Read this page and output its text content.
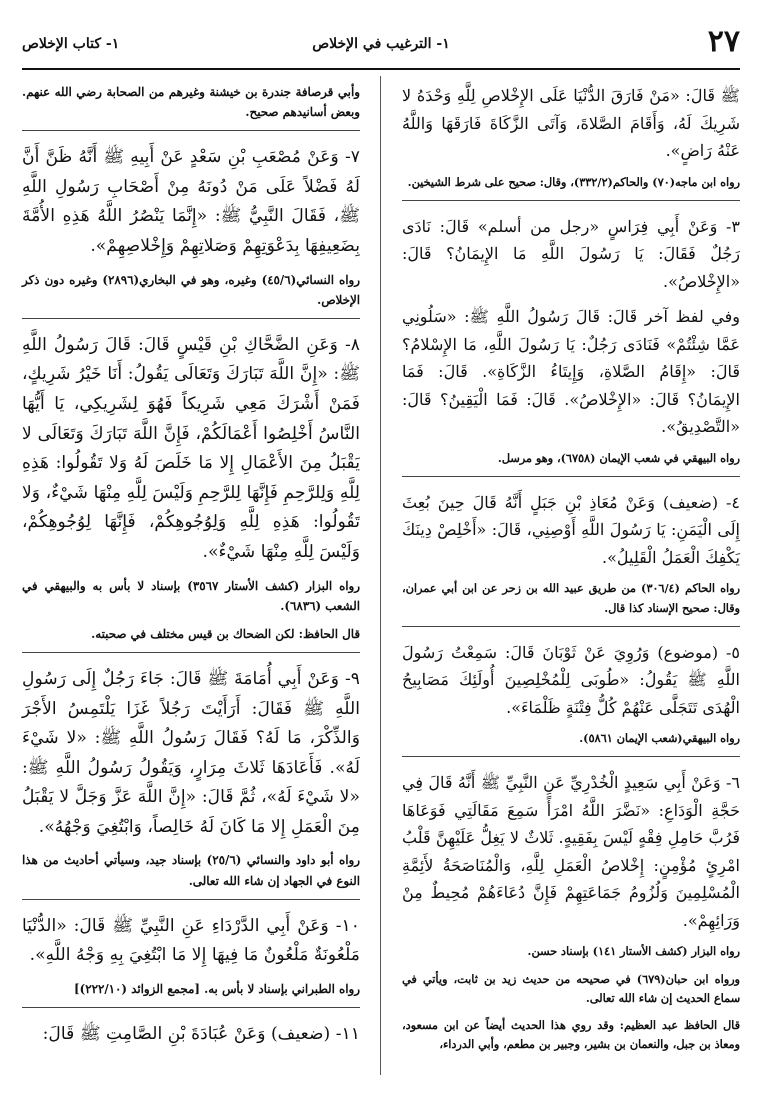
٢٧
١- الترغيب في الإخلاص
١- كتاب الإخلاص

ﷺ قَالَ: «مَنْ فَارَقَ الدُّنْيَا عَلَى الإِخْلاصِ لِلَّهِ وَحْدَهُ لا شَرِيكَ لَهُ، وَأَقَامَ الصَّلاةَ، وَآتَى الزَّكَاةَ فَارَقَهَا وَاللَّهُ عَنْهُ رَاضٍ».

رواه ابن ماجه(٧٠) والحاكم(٣٣٢/٢)، وقال: صحيح على شرط الشيخين.

٣- وَعَنْ أَبِي فِرَاسٍ «رجل من أسلم» قَالَ: نَادَى رَجُلٌ فَقَالَ: يَا رَسُولَ اللَّهِ مَا الإِيمَانُ؟ قَالَ: «الإِخْلاصُ».

وفي لفظ آخر قَالَ: قَالَ رَسُولُ اللَّهِ ﷺ: «سَلُونِي عَمَّا شِئْتُمْ» فَنَادَى رَجُلٌ: يَا رَسُولَ اللَّهِ، مَا الإِسْلامُ؟ قَالَ: «إِقَامُ الصَّلاةِ، وَإِيتَاءُ الزَّكَاةِ». قَالَ: فَمَا الإِيمَانُ؟ قَالَ: «الإِخْلاصُ». قَالَ: فَمَا الْيَقِينُ؟ قَالَ: «التَّصْدِيقُ».

رواه البيهقي في شعب الإيمان (٦٧٥٨)، وهو مرسل.

٤- (ضعيف) وَعَنْ مُعَاذِ بْنِ جَبَلٍ أَنَّهُ قَالَ حِينَ بُعِثَ إِلَى الْيَمَنِ: يَا رَسُولَ اللَّهِ أَوْصِنِي، قَالَ: «أَخْلِصْ دِينَكَ يَكْفِكَ الْعَمَلُ الْقَلِيلُ».

رواه الحاكم (٣٠٦/٤) من طريق عبيد الله بن زحر عن ابن أبي عمران، وقال: صحيح الإسناد كذا قال.

٥- (موضوع) وَرُوِيَ عَنْ ثَوْبَانَ قَالَ: سَمِعْتُ رَسُولَ اللَّهِ ﷺ يَقُولُ: «طُوبَى لِلْمُخْلِصِينَ أُولَئِكَ مَصَابِيحُ الْهُدَى تَتَجَلَّى عَنْهُمْ كُلُّ فِتْنَةٍ ظَلْمَاءَ».

رواه البيهقي(شعب الإيمان ٥٨٦١).

٦- وَعَنْ أَبِي سَعِيدٍ الْخُدْرِيِّ عَنِ النَّبِيِّ ﷺ أَنَّهُ قَالَ فِي حَجَّةِ الْوَدَاعِ: «نَضَّرَ اللَّهُ امْرَأً سَمِعَ مَقَالَتِي فَوَعَاهَا فَرُبَّ حَامِلِ فِقْهٍ لَيْسَ بِفَقِيهٍ. ثَلاثٌ لا يَغِلُّ عَلَيْهِنَّ قَلْبُ امْرِئٍ مُؤْمِنٍ: إِخْلاصُ الْعَمَلِ لِلَّهِ، وَالْمُنَاصَحَةُ لأَئِمَّةِ الْمُسْلِمِينَ وَلُزُومُ جَمَاعَتِهِمْ فَإِنَّ دُعَاءَهُمْ مُحِيطٌ مِنْ وَرَائِهِمْ».

رواه البزار (كشف الأستار ١٤١) بإسناد حسن.

ورواه ابن حبان(٦٧٩) في صحيحه من حديث زيد بن ثابت، ويأتي في سماع الحديث إن شاء الله تعالى.

قال الحافظ عبد العظيم: وقد روي هذا الحديث أيضاً عن ابن مسعود، ومعاذ بن جبل، والنعمان بن بشير، وجبير بن مطعم، وأبي الدرداء،

وأبي قرصافة جندرة بن خيشنة وغيرهم من الصحابة رضي الله عنهم. وبعض أسانيدهم صحيح.

٧- وَعَنْ مُصْعَبِ بْنِ سَعْدٍ عَنْ أَبِيهِ ﷺ أَنَّهُ ظَنَّ أَنَّ لَهُ فَضْلاً عَلَى مَنْ دُونَهُ مِنْ أَصْحَابِ رَسُولِ اللَّهِ ﷺ، فَقَالَ النَّبِيُّ ﷺ: «إِنَّمَا يَنْصُرُ اللَّهُ هَذِهِ الأُمَّةَ بِضَعِيفِهَا بِدَعْوَتِهِمْ وَصَلاتِهِمْ وَإِخْلاصِهِمْ».

رواه النسائي(٤٥/٦) وغيره، وهو في البخاري(٢٨٩٦) وغيره دون ذكر الإخلاص.

٨- وَعَنِ الضَّحَّاكِ بْنِ قَيْسٍ قَالَ: قَالَ رَسُولُ اللَّهِ ﷺ: «إِنَّ اللَّهَ تَبَارَكَ وَتَعَالَى يَقُولُ: أَنَا خَيْرُ شَرِيكٍ، فَمَنْ أَشْرَكَ مَعِي شَرِيكاً فَهُوَ لِشَرِيكِي، يَا أَيُّهَا النَّاسُ أَخْلِصُوا أَعْمَالَكُمْ، فَإِنَّ اللَّهَ تَبَارَكَ وَتَعَالَى لا يَقْبَلُ مِنَ الأَعْمَالِ إِلا مَا خَلَصَ لَهُ وَلا تَقُولُوا: هَذِهِ لِلَّهِ وَلِلرَّحِمِ فَإِنَّهَا لِلرَّحِمِ وَلَيْسَ لِلَّهِ مِنْهَا شَيْءٌ، وَلا تَقُولُوا: هَذِهِ لِلَّهِ وَلِوُجُوهِكُمْ، فَإِنَّهَا لِوُجُوهِكُمْ، وَلَيْسَ لِلَّهِ مِنْهَا شَيْءٌ».

رواه البزار (كشف الأستار ٣٥٦٧) بإسناد لا بأس به والبيهقي في الشعب (٦٨٣٦).

قال الحافظ: لكن الضحاك بن قيس مختلف في صحبته.

٩- وَعَنْ أَبِي أُمَامَةَ ﷺ قَالَ: جَاءَ رَجُلٌ إِلَى رَسُولِ اللَّهِ ﷺ فَقَالَ: أَرَأَيْتَ رَجُلاً غَزَا يَلْتَمِسُ الأَجْرَ وَالذِّكْرَ، مَا لَهُ؟ فَقَالَ رَسُولُ اللَّهِ ﷺ: «لا شَيْءَ لَهُ». فَأَعَادَهَا ثَلاثَ مِرَارٍ، وَيَقُولُ رَسُولُ اللَّهِ ﷺ: «لا شَيْءَ لَهُ»، ثُمَّ قَالَ: «إِنَّ اللَّهَ عَزَّ وَجَلَّ لا يَقْبَلُ مِنَ الْعَمَلِ إِلا مَا كَانَ لَهُ خَالِصاً، وَابْتُغِيَ وَجْهُهُ».

رواه أبو داود والنسائي (٢٥/٦) بإسناد جيد، وسيأتي أحاديث من هذا النوع في الجهاد إن شاء الله تعالى.

١٠- وَعَنْ أَبِي الدَّرْدَاءِ عَنِ النَّبِيِّ ﷺ قَالَ: «الدُّنْيَا مَلْعُونَةٌ مَلْعُونٌ مَا فِيهَا إِلا مَا ابْتُغِيَ بِهِ وَجْهُ اللَّهِ».

رواه الطبراني بإسناد لا بأس به. [مجمع الزوائد (٢٢٢/١٠)]

١١- (ضعيف) وَعَنْ عُبَادَةَ بْنِ الصَّامِتِ ﷺ قَالَ:
